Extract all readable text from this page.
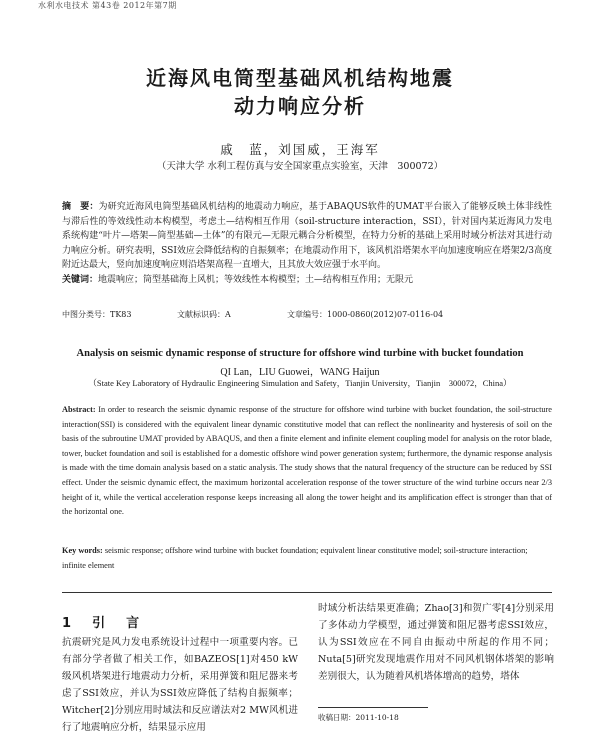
水利水电技术 第43卷 2012年第7期
近海风电筒型基础风机结构地震
动力响应分析
戚　蓝，刘国威，王海军
（天津大学 水利工程仿真与安全国家重点实验室，天津　300072）
摘　要：为研究近海风电筒型基础风机结构的地震动力响应，基于ABAQUS软件的UMAT平台嵌入了能够反映土体非线性与滞后性的等效线性动本构模型，考虑土—结构相互作用（soil-structure interaction，SSI），针对国内某近海风力发电系统构建“叶片—塔架—筒型基础—土体”的有限元—无限元耦合分析模型，在特力分析的基础上采用时域分析法对其进行动力响应分析。研究表明，SSI效应会降低结构的自振频率；在地震动作用下，该风机沿塔架水平向加速度响应在塔架2/3高度附近达最大，竖向加速度响应则沿塔架高程一直增大，且其放大效应强于水平向。
关键词：地震响应；筒型基础海上风机；等效线性本构模型；土—结构相互作用；无限元
中图分类号：TK83	文献标识码：A	文章编号：1000-0860(2012)07-0116-04
Analysis on seismic dynamic response of structure for offshore wind turbine with bucket foundation
QI Lan，LIU Guowei，WANG Haijun
（State Key Laboratory of Hydraulic Engineering Simulation and Safety，Tianjin University，Tianjin　300072，China）
Abstract: In order to research the seismic dynamic response of the structure for offshore wind turbine with bucket foundation, the soil-structure interaction(SSI) is considered with the equivalent linear dynamic constitutive model that can reflect the nonlinearity and hysteresis of soil on the basis of the subroutine UMAT provided by ABAQUS, and then a finite element and infinite element coupling model for analysis on the rotor blade, tower, bucket foundation and soil is established for a domestic offshore wind power generation system; furthermore, the dynamic response analysis is made with the time domain analysis based on a static analysis. The study shows that the natural frequency of the structure can be reduced by SSI effect. Under the seismic dynamic effect, the maximum horizontal acceleration response of the tower structure of the wind turbine occurs near 2/3 height of it, while the vertical acceleration response keeps increasing all along the tower height and its amplification effect is stronger than that of the horizontal one.
Key words: seismic response; offshore wind turbine with bucket foundation; equivalent linear constitutive model; soil-structure interaction; infinite element
1 引　言
抗震研究是风力发电系统设计过程中一项重要内容。已有部分学者做了相关工作，如BAZEOS[1]对450 kW级风机塔架进行地震动力分析，采用弹簧和阻尼器来考虑了SSI效应，并认为SSI效应降低了结构自振频率；Witcher[2]分别应用时域法和反应谱法对2 MW风机进行了地震响应分析，结果显示应用
时域分析法结果更准确；Zhao[3]和贺广零[4]分别采用了多体动力学模型，通过弹簧和阻尼器考虑SSI效应，认为SSI效应在不同自由振动中所起的作用不同；Nuta[5]研究发现地震作用对不同风机钢体塔架的影响差别很大，认为随着风机塔体增高的趋势，塔体
收稿日期：2011-10-18
